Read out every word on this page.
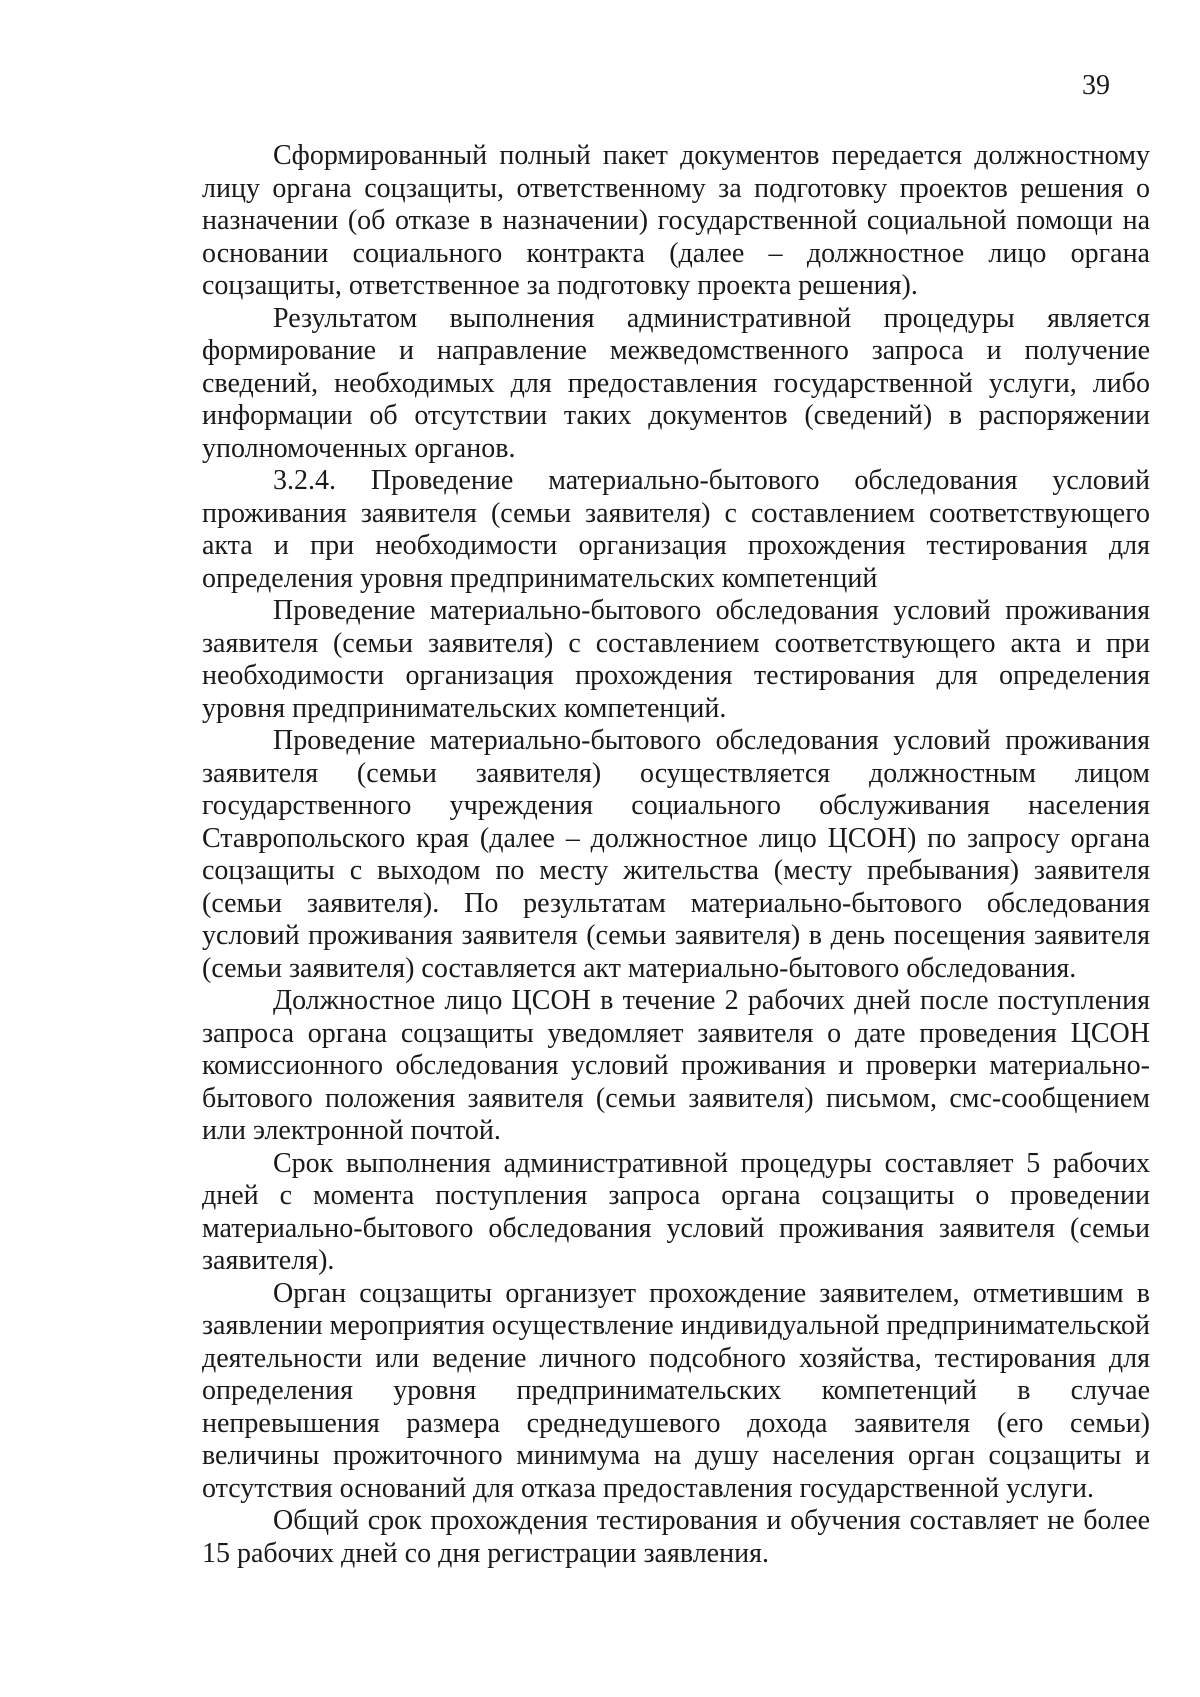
39

Сформированный полный пакет документов передается должностному лицу органа соцзащиты, ответственному за подготовку проектов решения о назначении (об отказе в назначении) государственной социальной помощи на основании социального контракта (далее – должностное лицо органа соцзащиты, ответственное за подготовку проекта решения).

Результатом выполнения административной процедуры является формирование и направление межведомственного запроса и получение сведений, необходимых для предоставления государственной услуги, либо информации об отсутствии таких документов (сведений) в распоряжении уполномоченных органов.

3.2.4. Проведение материально-бытового обследования условий проживания заявителя (семьи заявителя) с составлением соответствующего акта и при необходимости организация прохождения тестирования для определения уровня предпринимательских компетенций

Проведение материально-бытового обследования условий проживания заявителя (семьи заявителя) с составлением соответствующего акта и при необходимости организация прохождения тестирования для определения уровня предпринимательских компетенций.

Проведение материально-бытового обследования условий проживания заявителя (семьи заявителя) осуществляется должностным лицом государственного учреждения социального обслуживания населения Ставропольского края (далее – должностное лицо ЦСОН) по запросу органа соцзащиты с выходом по месту жительства (месту пребывания) заявителя (семьи заявителя). По результатам материально-бытового обследования условий проживания заявителя (семьи заявителя) в день посещения заявителя (семьи заявителя) составляется акт материально-бытового обследования.

Должностное лицо ЦСОН в течение 2 рабочих дней после поступления запроса органа соцзащиты уведомляет заявителя о дате проведения ЦСОН комиссионного обследования условий проживания и проверки материально-бытового положения заявителя (семьи заявителя) письмом, смс-сообщением или электронной почтой.

Срок выполнения административной процедуры составляет 5 рабочих дней с момента поступления запроса органа соцзащиты о проведении материально-бытового обследования условий проживания заявителя (семьи заявителя).

Орган соцзащиты организует прохождение заявителем, отметившим в заявлении мероприятия осуществление индивидуальной предпринимательской деятельности или ведение личного подсобного хозяйства, тестирования для определения уровня предпринимательских компетенций в случае непревышения размера среднедушевого дохода заявителя (его семьи) величины прожиточного минимума на душу населения орган соцзащиты и отсутствия оснований для отказа предоставления государственной услуги.

Общий срок прохождения тестирования и обучения составляет не более 15 рабочих дней со дня регистрации заявления.
